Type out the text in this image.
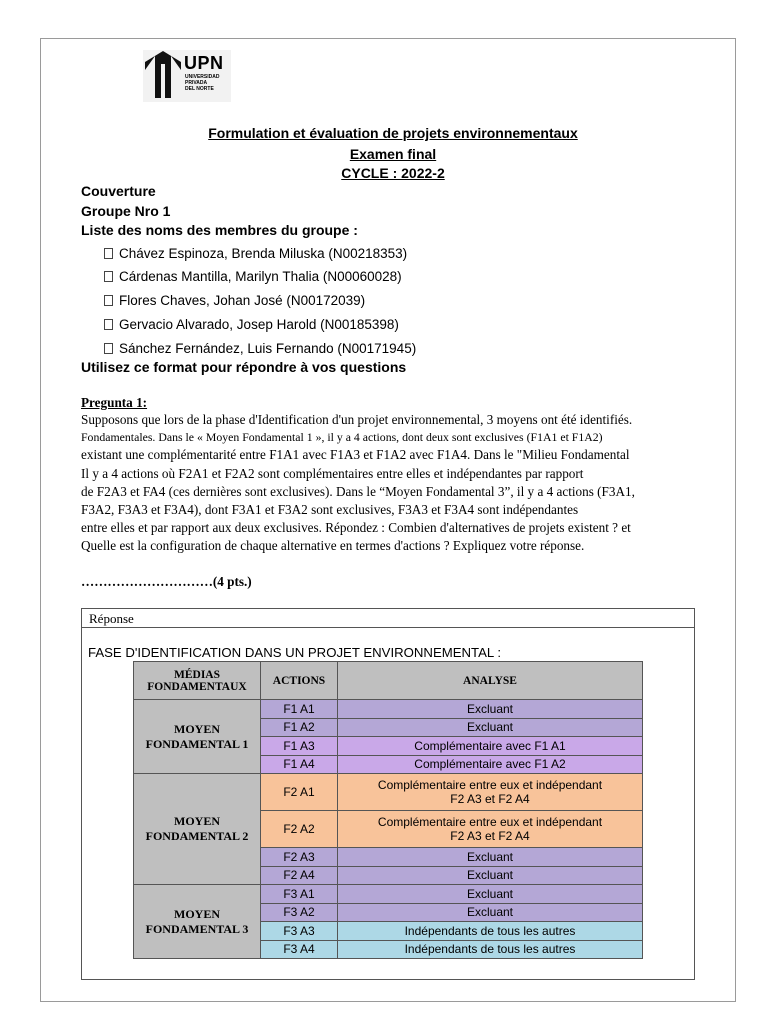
UPN
UNIVERSIDAD
PRIVADA
DEL NORTE
Formulation et évaluation de projets environnementaux
Examen final
CYCLE : 2022-2
Couverture
Groupe Nro 1
Liste des noms des membres du groupe :
Chávez Espinoza, Brenda Miluska (N00218353)
Cárdenas Mantilla, Marilyn Thalia (N00060028)
Flores Chaves, Johan José (N00172039)
Gervacio Alvarado, Josep Harold (N00185398)
Sánchez Fernández, Luis Fernando (N00171945)
Utilisez ce format pour répondre à vos questions
Pregunta 1:
Supposons que lors de la phase d'Identification d'un projet environnemental, 3 moyens ont été identifiés.
Fondamentales. Dans le « Moyen Fondamental 1 », il y a 4 actions, dont deux sont exclusives (F1A1 et F1A2)
existant une complémentarité entre F1A1 avec F1A3 et F1A2 avec F1A4. Dans le "Milieu Fondamental
Il y a 4 actions où F2A1 et F2A2 sont complémentaires entre elles et indépendantes par rapport
de F2A3 et FA4 (ces dernières sont exclusives). Dans le “Moyen Fondamental 3”, il y a 4 actions (F3A1,
F3A2, F3A3 et F3A4), dont F3A1 et F3A2 sont exclusives, F3A3 et F3A4 sont indépendantes
entre elles et par rapport aux deux exclusives. Répondez : Combien d'alternatives de projets existent ? et
Quelle est la configuration de chaque alternative en termes d'actions ? Expliquez votre réponse.
…………………………(4 pts.)
Réponse
FASE D'IDENTIFICATION DANS UN PROJET ENVIRONNEMENTAL :
MÉDIAS FONDAMENTAUX	ACTIONS	ANALYSE
MOYEN FONDAMENTAL 1	F1 A1	Excluant
	F1 A2	Excluant
	F1 A3	Complémentaire avec F1 A1
	F1 A4	Complémentaire avec F1 A2
MOYEN FONDAMENTAL 2	F2 A1	Complémentaire entre eux et indépendant
F2 A3 et F2 A4
	F2 A2	Complémentaire entre eux et indépendant
F2 A3 et F2 A4
	F2 A3	Excluant
	F2 A4	Excluant
MOYEN FONDAMENTAL 3	F3 A1	Excluant
	F3 A2	Excluant
	F3 A3	Indépendants de tous les autres
	F3 A4	Indépendants de tous les autres
